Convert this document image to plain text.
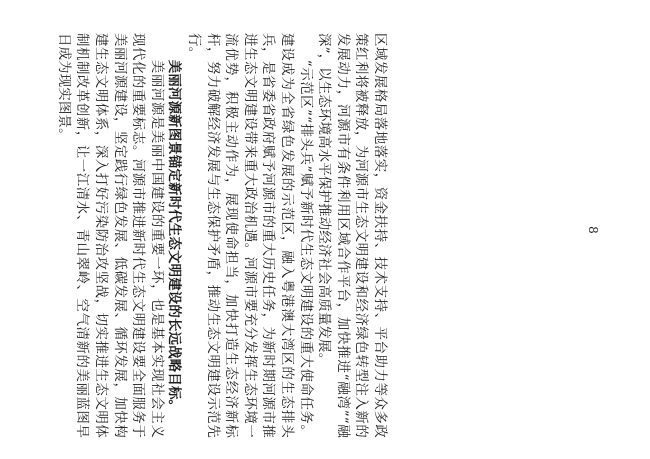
区域发展格局落地落实，资金扶持、技术支持、平台助力等众多政策红利将被释放，为河源市生态文明建设和经济绿色转型注入新的发展动力，河源市有条件利用区域合作平台，加快推进“融湾”“融深”，以生态环境高水平保护推动经济社会高质量发展。

“示范区”“排头兵”赋予新时代生态文明建设的重大使命任务。建设成为全省绿色发展的示范区，融入粤港澳大湾区的生态排头兵，是省委省政府赋予河源市的重大历史任务，为新时期河源市推进生态文明建设带来重大政治机遇。河源市要充分发挥生态环境一流优势，积极主动作为，展现使命担当，加快打造生态经济新标杆，努力破解经济发展与生态保护矛盾，推动生态文明建设示范先行。

美丽河源新图景锚定新时代生态文明建设的长远战略目标。

美丽河源是美丽中国建设的重要一环，也是基本实现社会主义现代化的重要标志。河源市推进新时代生态文明建设要全面服务于美丽河源建设，坚定践行绿色发展、低碳发展、循环发展，加快构建生态文明体系，深入打好污染防治攻坚战，切实推进生态文明体制机制改革创新，让一江清水、青山翠岭、空气清新的美丽蓝图早日成为现实图景。

8
